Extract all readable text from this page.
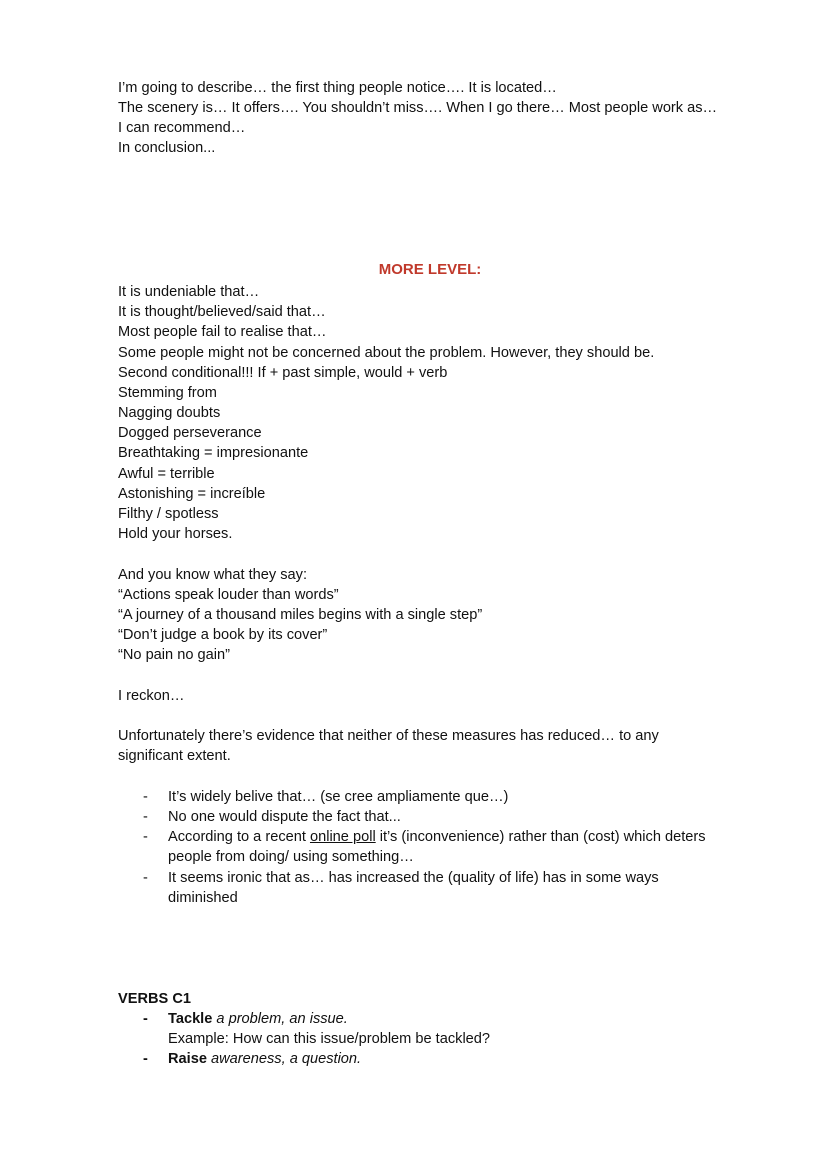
I’m going to describe… the first thing people notice…. It is located…
The scenery is… It offers…. You shouldn’t miss…. When I go there… Most people work as…
I can recommend…
In conclusion...
MORE LEVEL:
It is undeniable that…
It is thought/believed/said that…
Most people fail to realise that…
Some people might not be concerned about the problem. However, they should be.
Second conditional!!! If + past simple, would + verb
Stemming from
Nagging doubts
Dogged perseverance
Breathtaking = impresionante
Awful = terrible
Astonishing = increíble
Filthy / spotless
Hold your horses.
And you know what they say:
“Actions speak louder than words”
“A journey of a thousand miles begins with a single step”
“Don’t judge a book by its cover”
“No pain no gain”
I reckon…
Unfortunately there’s evidence that neither of these measures has reduced… to any
significant extent.
- It’s widely belive that… (se cree ampliamente que…)
- No one would dispute the fact that...
- According to a recent online poll it’s (inconvenience) rather than (cost) which deters
people from doing/ using something…
- It seems ironic that as… has increased the (quality of life) has in some ways
diminished
VERBS C1
- Tackle a problem, an issue.
Example: How can this issue/problem be tackled?
- Raise awareness, a question.
